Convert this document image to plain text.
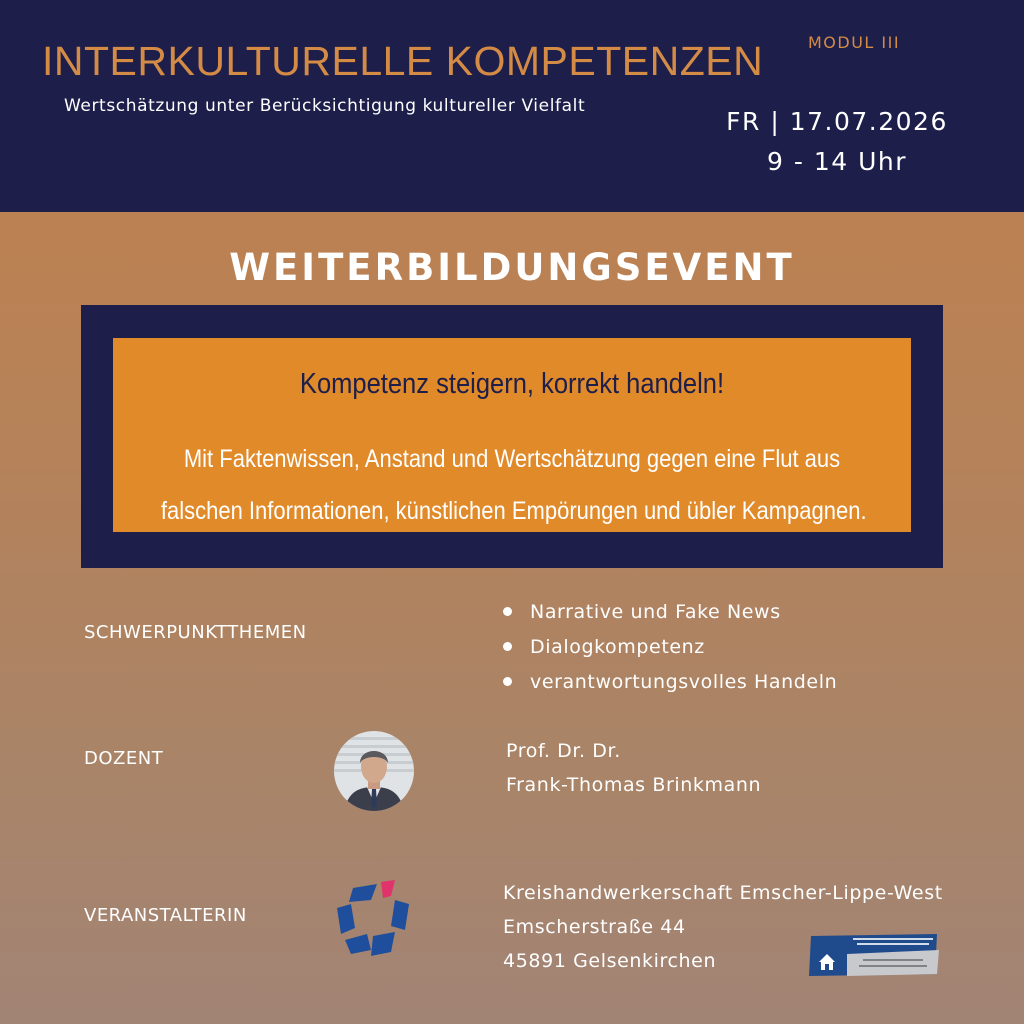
INTERKULTURELLE KOMPETENZEN
Wertschätzung unter Berücksichtigung kultureller Vielfalt
MODUL III
FR | 17.07.2026
9 - 14 Uhr
WEITERBILDUNGSEVENT
Kompetenz steigern, korrekt handeln!
Mit Faktenwissen, Anstand und Wertschätzung gegen eine Flut aus
falschen Informationen, künstlichen Empörungen und übler Kampagnen.
SCHWERPUNKTTHEMEN
Narrative und Fake News
Dialogkompetenz
verantwortungsvolles Handeln
DOZENT	Prof. Dr. Dr.
Frank-Thomas Brinkmann
VERANSTALTERIN
Kreishandwerkerschaft Emscher-Lippe-West
Emscherstraße 44
45891 Gelsenkirchen
